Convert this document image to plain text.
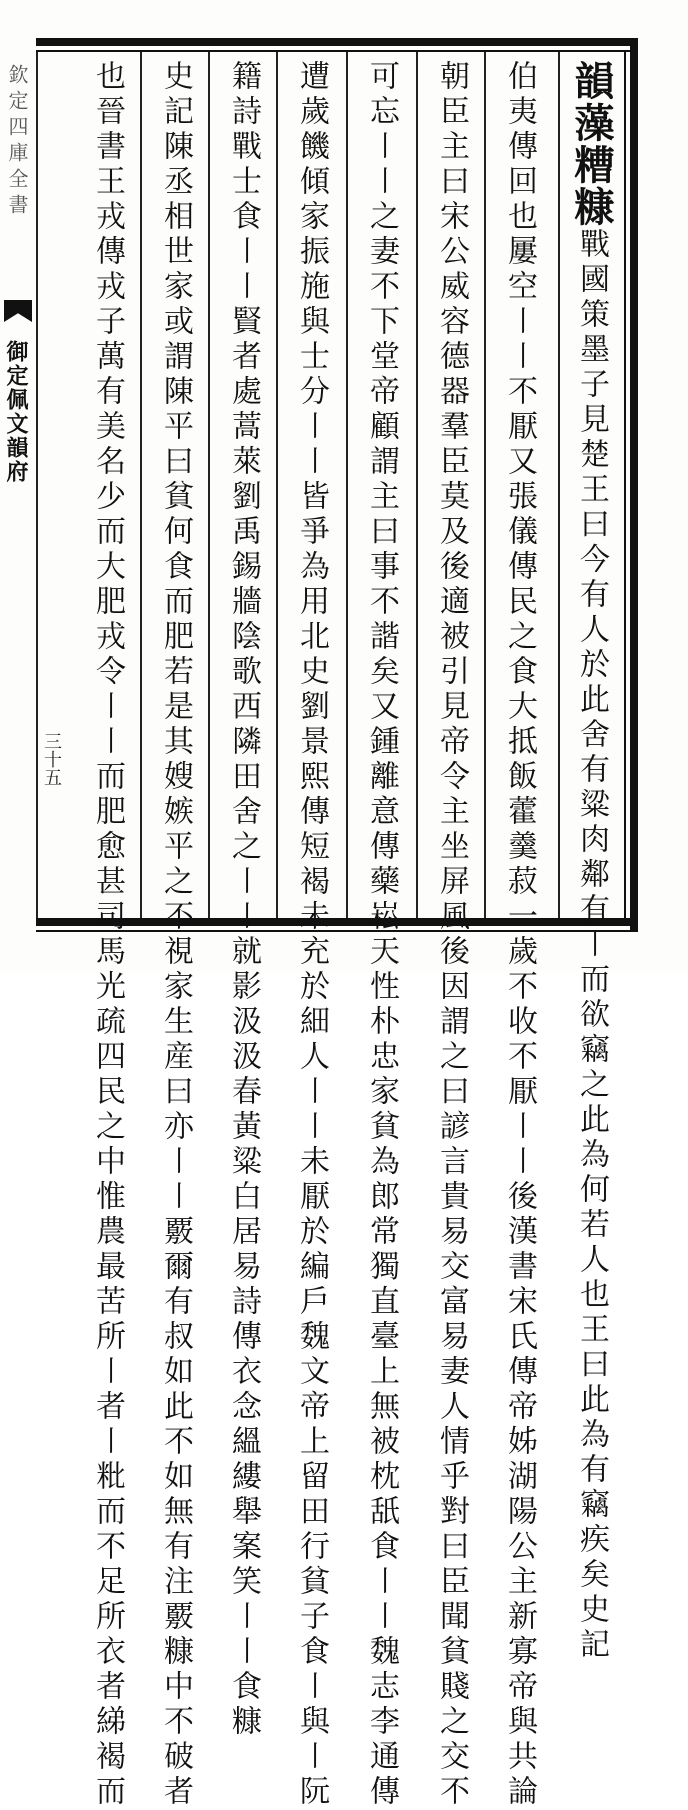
韻藻糟糠戰國策墨子見楚王曰今有人於此舍有粱肉鄰有〡而欲竊之此為何若人也王曰此為有竊疾矣史記
伯夷傳回也屢空〡〡不厭又張儀傳民之食大抵飯藿羹菽一歲不收不厭〡〡後漢書宋氏傳帝姊湖陽公主新寡帝與共論
朝臣主曰宋公威容德器羣臣莫及後適被引見帝令主坐屏風後因謂之曰諺言貴易交富易妻人情乎對曰臣聞貧賤之交不
可忘〡〡之妻不下堂帝顧謂主曰事不諧矣又鍾離意傳藥崧天性朴忠家貧為郎常獨直臺上無被枕舐食〡〡魏志李通傳
遭歲饑傾家振施與士分〡〡皆爭為用北史劉景熙傳短褐未充於細人〡〡未厭於編戶魏文帝上留田行貧子食〡與〡阮
籍詩戰士食〡〡賢者處蒿萊劉禹錫牆陰歌西隣田舍之〡〡就影汲汲春黃粱白居易詩傳衣念縕縷舉案笑〡〡食糠
史記陳丞相世家或謂陳平曰貧何食而肥若是其嫂嫉平之不視家生産曰亦〡〡覈爾有叔如此不如無有注覈糠中不破者
也晉書王戎傳戎子萬有美名少而大肥戎令〡〡而肥愈甚司馬光疏四民之中惟農最苦所〡者〡粃而不足所衣者綈褐而
欽定四庫全書
御定佩文韻府
三十五
